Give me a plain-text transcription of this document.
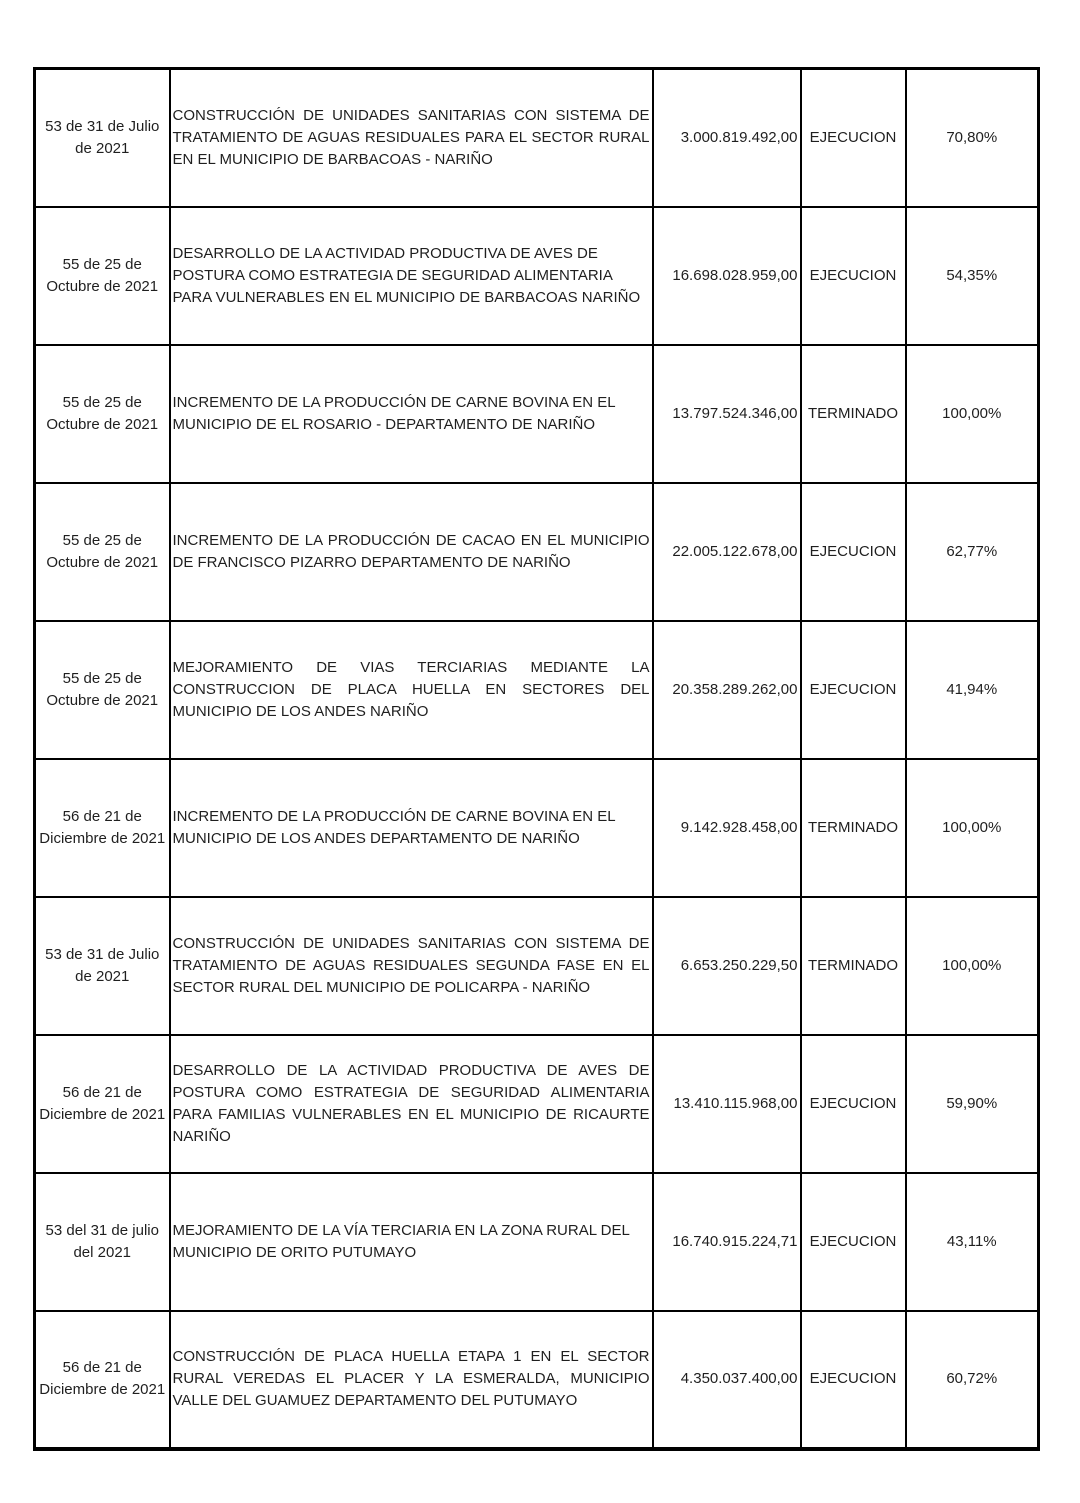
53 de 31 de Julio de 2021	CONSTRUCCIÓN DE UNIDADES SANITARIAS CON SISTEMA DE TRATAMIENTO DE AGUAS RESIDUALES PARA EL SECTOR RURAL EN EL MUNICIPIO DE BARBACOAS - NARIÑO	3.000.819.492,00	EJECUCION	70,80%
55 de 25 de Octubre de 2021	DESARROLLO DE LA ACTIVIDAD PRODUCTIVA DE AVES DE POSTURA COMO ESTRATEGIA DE SEGURIDAD ALIMENTARIA PARA VULNERABLES EN EL MUNICIPIO DE BARBACOAS NARIÑO	16.698.028.959,00	EJECUCION	54,35%
55 de 25 de Octubre de 2021	INCREMENTO DE LA PRODUCCIÓN DE CARNE BOVINA EN EL MUNICIPIO DE EL ROSARIO - DEPARTAMENTO DE NARIÑO	13.797.524.346,00	TERMINADO	100,00%
55 de 25 de Octubre de 2021	INCREMENTO DE LA PRODUCCIÓN DE CACAO EN EL MUNICIPIO DE FRANCISCO PIZARRO DEPARTAMENTO DE NARIÑO	22.005.122.678,00	EJECUCION	62,77%
55 de 25 de Octubre de 2021	MEJORAMIENTO DE VIAS TERCIARIAS MEDIANTE LA CONSTRUCCION DE PLACA HUELLA EN SECTORES DEL MUNICIPIO DE LOS ANDES NARIÑO	20.358.289.262,00	EJECUCION	41,94%
56 de 21 de Diciembre de 2021	INCREMENTO DE LA PRODUCCIÓN DE CARNE BOVINA EN EL MUNICIPIO DE LOS ANDES DEPARTAMENTO DE NARIÑO	9.142.928.458,00	TERMINADO	100,00%
53 de 31 de Julio de 2021	CONSTRUCCIÓN DE UNIDADES SANITARIAS CON SISTEMA DE TRATAMIENTO DE AGUAS RESIDUALES SEGUNDA FASE EN EL SECTOR RURAL DEL MUNICIPIO DE POLICARPA - NARIÑO	6.653.250.229,50	TERMINADO	100,00%
56 de 21 de Diciembre de 2021	DESARROLLO DE LA ACTIVIDAD PRODUCTIVA DE AVES DE POSTURA COMO ESTRATEGIA DE SEGURIDAD ALIMENTARIA PARA FAMILIAS VULNERABLES EN EL MUNICIPIO DE RICAURTE NARIÑO	13.410.115.968,00	EJECUCION	59,90%
53 del 31 de julio del 2021	MEJORAMIENTO DE LA VÍA TERCIARIA EN LA ZONA RURAL DEL MUNICIPIO DE ORITO PUTUMAYO	16.740.915.224,71	EJECUCION	43,11%
56 de 21 de Diciembre de 2021	CONSTRUCCIÓN DE PLACA HUELLA ETAPA 1 EN EL SECTOR RURAL VEREDAS EL PLACER Y LA ESMERALDA, MUNICIPIO VALLE DEL GUAMUEZ DEPARTAMENTO DEL PUTUMAYO	4.350.037.400,00	EJECUCION	60,72%
